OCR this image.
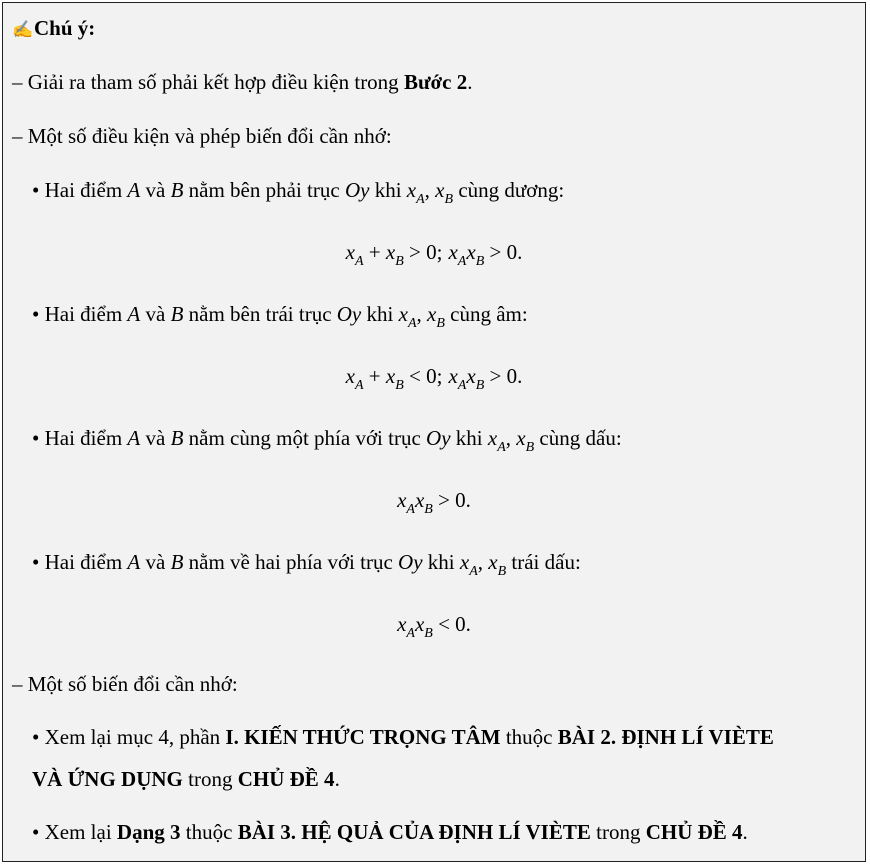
✍Chú ý:
– Giải ra tham số phải kết hợp điều kiện trong Bước 2.
– Một số điều kiện và phép biến đổi cần nhớ:
• Hai điểm A và B nằm bên phải trục Oy khi $x_A$, $x_B$ cùng dương:
$x_A + x_B > 0$; $x_Ax_B > 0$.
• Hai điểm A và B nằm bên trái trục Oy khi $x_A$, $x_B$ cùng âm:
$x_A + x_B < 0$; $x_Ax_B > 0$.
• Hai điểm A và B nằm cùng một phía với trục Oy khi $x_A$, $x_B$ cùng dấu:
$x_Ax_B > 0$.
• Hai điểm A và B nằm về hai phía với trục Oy khi $x_A$, $x_B$ trái dấu:
$x_Ax_B < 0$.
– Một số biến đổi cần nhớ:
• Xem lại mục 4, phần I. KIẾN THỨC TRỌNG TÂM thuộc BÀI 2. ĐỊNH LÍ VIÈTE
VÀ ỨNG DỤNG trong CHỦ ĐỀ 4.
• Xem lại Dạng 3 thuộc BÀI 3. HỆ QUẢ CỦA ĐỊNH LÍ VIÈTE trong CHỦ ĐỀ 4.
